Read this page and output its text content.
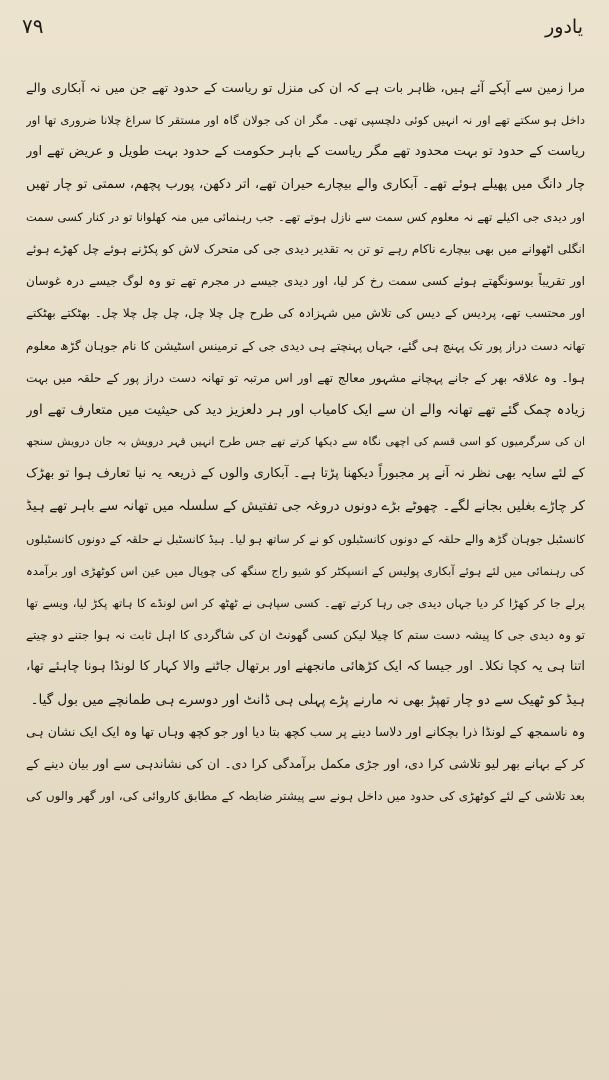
یادور
۷۹
مرا زمین سے آپکے آئے ہیں، ظاہر بات ہے کہ ان کی منزل تو ریاست کے حدود تھے جن میں نہ آبکاری والے
داخل ہو سکتے تھے اور نہ انہیں کوئی دلچسپی تھی۔ مگر ان کی جولان گاہ اور مستقر کا سراغ چلانا ضروری تھا اور
ریاست کے حدود تو بہت محدود تھے مگر ریاست کے باہر حکومت کے حدود بہت طویل و عریض تھے اور
چار دانگ میں پھیلے ہوئے تھے۔ آبکاری والے بیچارے حیران تھے، اتر دکھن، پورب پچھم، سمتی تو چار تھیں
اور دیدی جی اکیلے تھے نہ معلوم کس سمت سے نازل ہوتے تھے۔ جب رہنمائی میں منہ کھلوانا تو در کنار کسی سمت
انگلی اٹھوانے میں بھی بیچارے ناکام رہے تو تن بہ تقدیر دیدی جی کی متحرک لاش کو پکڑنے ہوئے چل کھڑے ہوئے
اور تقریباً بوسونگھتے ہوئے کسی سمت رخ کر لیا، اور دیدی جیسے در مجرم تھے تو وہ لوگ جیسے درہ غوسان
اور محتسب تھے، پردیس کے دیس کی تلاش میں شہزادہ کی طرح چل چلا چل، چل چل چلا چل۔ بھٹکتے بھٹکتے
تھانہ دست دراز پور تک پہنچ ہی گئے، جہاں پہنچتے ہی دیدی جی کے ترمینس اسٹیشن کا نام جوہان گڑھ معلوم
ہوا۔ وہ علاقہ بھر کے جانے پہچانے مشہور معالج تھے اور اس مرتبہ تو تھانہ دست دراز پور کے حلقہ میں بہت
زیادہ چمک گئے تھے تھانہ والے ان سے ایک کامیاب اور ہر دلعزیز دید کی حیثیت میں متعارف تھے اور
ان کی سرگرمیوں کو اسی قسم کی اچھی نگاہ سے دیکھا کرتے تھے جس طرح انہیں قہر درویش بہ جان درویش سنجھ
کے لئے سایہ بھی نظر نہ آنے پر مجبوراً دیکھنا پڑتا ہے۔ آبکاری والوں کے ذریعہ یہ نیا تعارف ہوا تو بھڑک
کر چاڑے بغلیں بجانے لگے۔ چھوٹے بڑے دونوں دروغہ جی تفتیش کے سلسلہ میں تھانہ سے باہر تھے ہیڈ
کانسٹبل جوہان گڑھ والے حلقہ کے دونوں کانسٹبلوں کو نے کر ساتھ ہو لیا۔ ہیڈ کانسٹبل نے حلقہ کے دونوں کانسٹبلوں
کی رہنمائی میں لئے ہوئے آبکاری پولیس کے انسپکٹر کو شیو راج سنگھ کی چوپال میں عین اس کوٹھڑی اور برآمدہ
پرلے جا کر کھڑا کر دیا جہاں دیدی جی رہا کرتے تھے۔ کسی سپاہی نے ٹھٹھ کر اس لونڈے کا ہاتھ پکڑ لیا، ویسے تھا
تو وہ دیدی جی کا پیشہ دست ستم کا چیلا لیکن کسی گھونٹ ان کی شاگردی کا اہل ثابت نہ ہوا جتنے دو چیتے
اتنا ہی یہ کچا نکلا۔ اور جیسا کہ ایک کڑھائی مانجھنے اور برتھال جاٹنے والا کہار کا لونڈا ہونا چاہئے تھا،
ہیڈ کو ٹھیک سے دو چار تھپڑ بھی نہ مارنے پڑے پہلی ہی ڈانٹ اور دوسرے ہی طمانچے میں بول گیا۔
وہ ناسمجھ کے لونڈا ذرا بچکانے اور دلاسا دینے پر سب کچھ بتا دیا اور جو کچھ وہاں تھا وہ ایک ایک نشان ہی
کر کے بہانے بھر لیو تلاشی کرا دی، اور جڑی مکمل برآمدگی کرا دی۔ ان کی نشاندہی سے اور بیان دینے کے
بعد تلاشی کے لئے کوٹھڑی کی حدود میں داخل ہونے سے پیشتر ضابطہ کے مطابق کاروائی کی، اور گھر والوں کی
